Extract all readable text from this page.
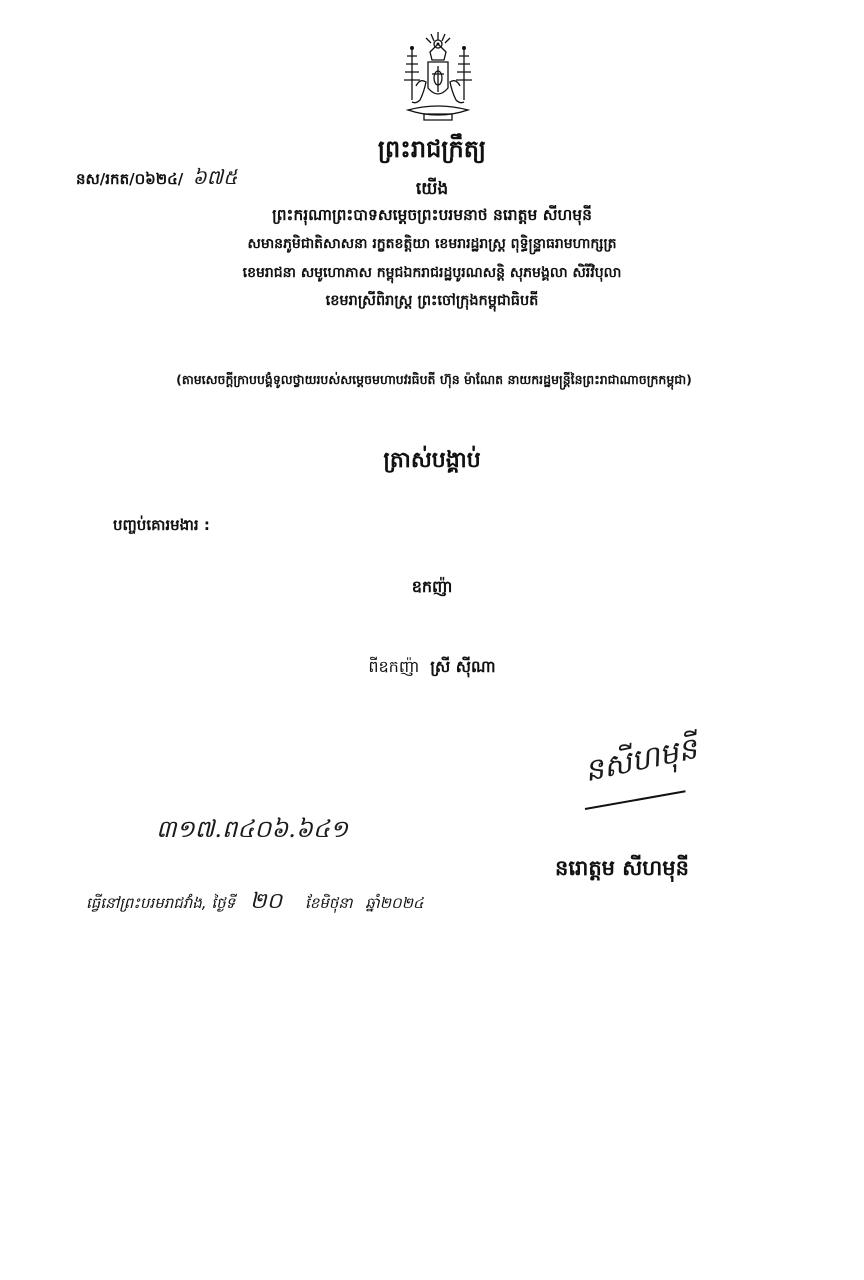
នស/រកត/០៦២៤/ ៦៧៥
ព្រះរាជក្រឹត្យ
យើង
ព្រះករុណាព្រះបាទសម្តេចព្រះបរមនាថ នរោត្តម សីហមុនី
សមានភូមិជាតិសាសនា រក្ខតខត្តិយា ខេមរារដ្ឋរាស្ត្រ ពុទ្ធិន្ទ្រាធរាមហាក្សត្រ
ខេមរាជនា សមូហោភាស កម្ពុជឯករាជរដ្ឋបូរណសន្តិ សុភមង្គលា សិរីវិបុលា
ខេមរាស្រីពិរាស្ត្រ ព្រះចៅក្រុងកម្ពុជាធិបតី
(តាមសេចក្តីក្រាបបង្គំទូលថ្វាយរបស់សម្តេចមហាបវរធិបតី ហ៊ុន ម៉ាណែត នាយករដ្ឋមន្ត្រីនៃព្រះរាជាណាចក្រកម្ពុជា)
ត្រាស់បង្គាប់
បញ្ចប់គោរមងារ :
ឧកញ៉ា
ពីឧកញ៉ា ស្រី ស៊ីណា
នសីហមុនី
៣១៧.ព៤០៦.៦៤១
នរោត្តម សីហមុនី
ធ្វើនៅព្រះបរមរាជវាំង, ថ្ងៃទី ២០ ខែមិថុនា ឆ្នាំ២០២៤
